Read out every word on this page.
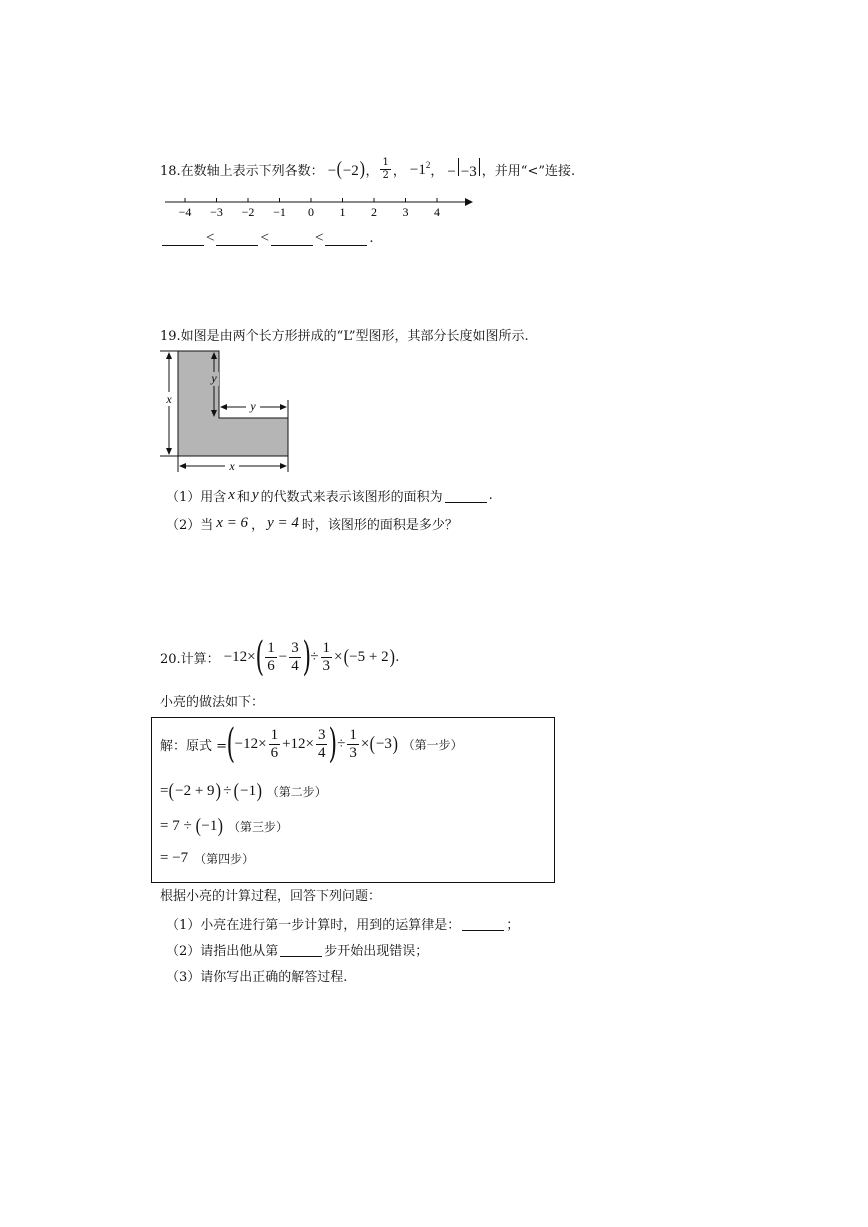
18.在数轴上表示下列各数： −(−2) ， $\frac{1}{2}$ ， $-1^2$ ， − −3 ，并用“<”连接.
−4 −3 −2 −1 0 1 2 3 4
<	<	<	.
19.如图是由两个长方形拼成的“L”型图形，其部分长度如图所示.
x
y
y
x
（1）用含 x 和 y 的代数式来表示该图形的面积为	.
（2）当 x = 6 ， y = 4 时，该图形的面积是多少？
20.计算： −12× ( $\frac{1}{6} - \frac{3}{4}$ ) ÷ $\frac{1}{3}$ × ( −5 + 2 ) .
小亮的做法如下：
解：原式 = ( $-12\times \frac{1}{6} +12\times \frac{3}{4}$ ) ÷ $\frac{1}{3}$ × ( −3 ) （第一步）
= ( −2 + 9 ) ÷ ( −1 ) （第二步）
= 7 ÷ ( −1 ) （第三步）
= −7 （第四步）
根据小亮的计算过程，回答下列问题：
（1）小亮在进行第一步计算时，用到的运算律是：	；
（2）请指出他从第	步开始出现错误；
（3）请你写出正确的解答过程.
